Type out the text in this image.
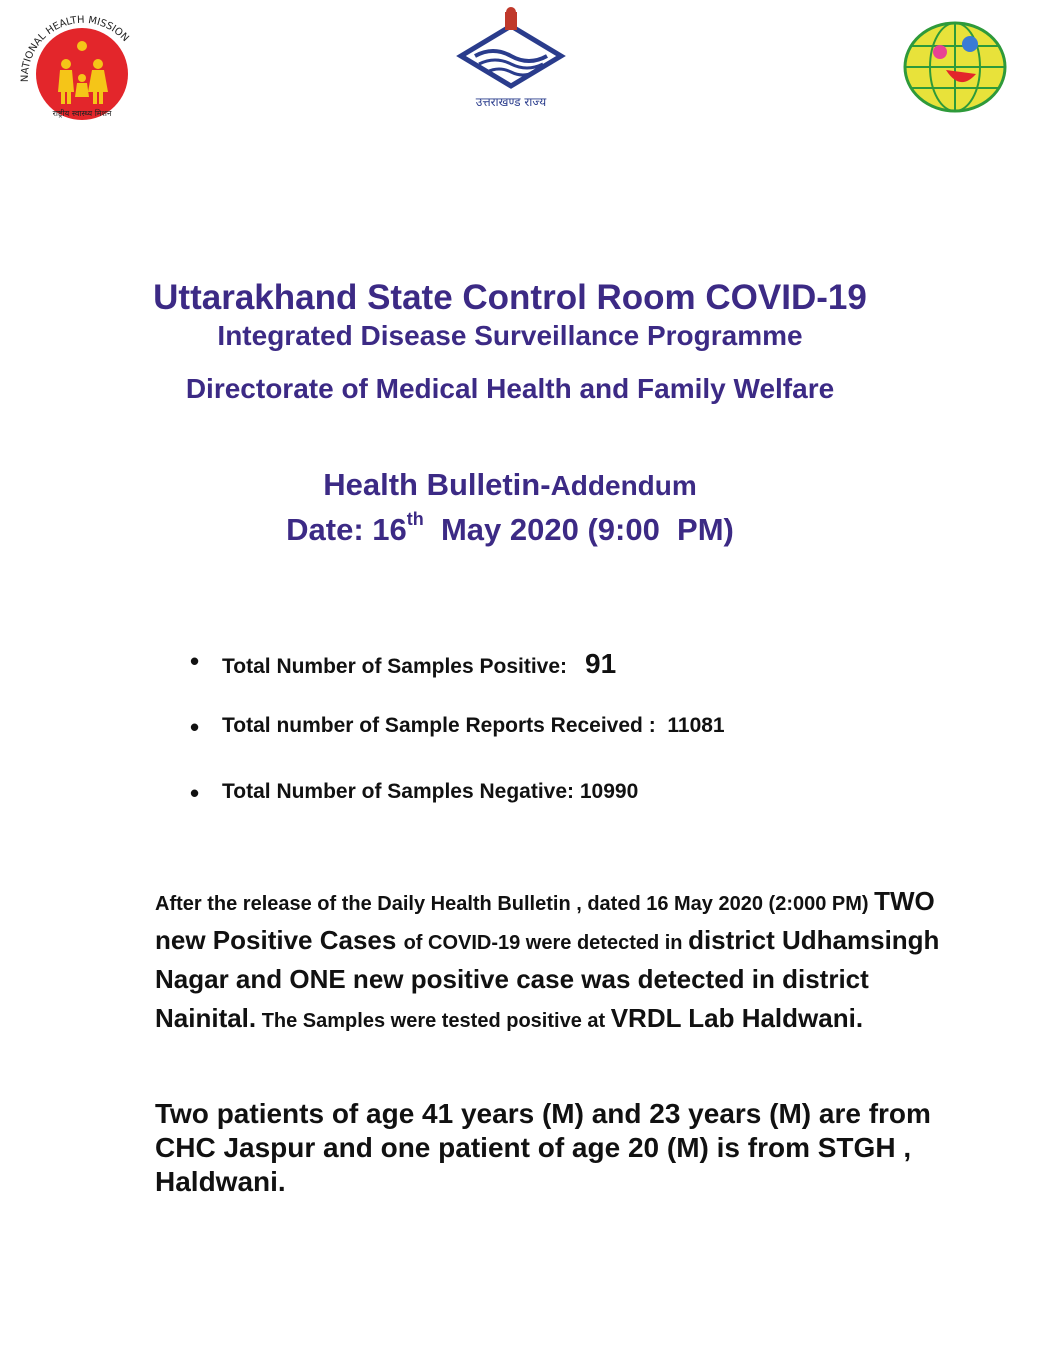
NATIONAL HEALTH MISSION
राष्ट्रीय स्वास्थ्य मिशन
उत्तराखण्ड राज्य
Uttarakhand State Control Room COVID-19
Integrated Disease Surveillance Programme
Directorate of Medical Health and Family Welfare
Health Bulletin-Addendum
Date: 16th  May 2020 (9:00  PM)
• Total Number of Samples Positive: 91
• Total number of Sample Reports Received : 11081
• Total Number of Samples Negative: 10990
After the release of the Daily Health Bulletin , dated 16 May 2020 (2:000 PM) TWO new Positive Cases of COVID-19 were detected in district Udhamsingh Nagar and ONE new positive case was detected in district Nainital. The Samples were tested positive at VRDL Lab Haldwani.
Two patients of age 41 years (M) and 23 years (M) are from CHC Jaspur and one patient of age 20 (M) is from STGH , Haldwani.
